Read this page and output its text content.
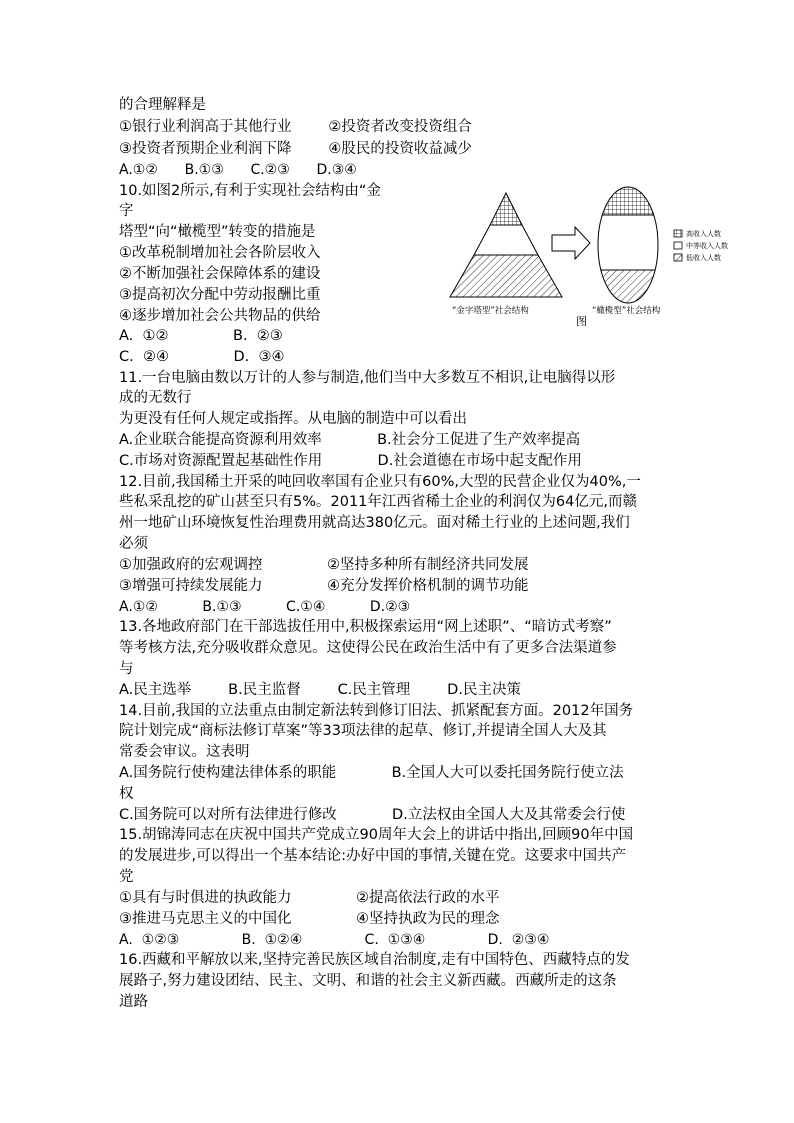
的合理解释是
①银行业利润高于其他行业        ②投资者改变投资组合
③投资者预期企业利润下降        ④股民的投资收益减少
A.①②      B.①③      C.②③      D.③④
10.如图2所示,有利于实现社会结构由“金
字
塔型“向“橄榄型”转变的措施是
①改革税制增加社会各阶层收入
②不断加强社会保障体系的建设
③提高初次分配中劳动报酬比重
④逐步增加社会公共物品的供给
A.  ①②              B.  ②③
C.  ②④              D.  ③④
11.一台电脑由数以万计的人参与制造,他们当中大多数互不相识,让电脑得以形
成的无数行
为更没有任何人规定或指挥。从电脑的制造中可以看出
A.企业联合能提高资源利用效率            B.社会分工促进了生产效率提高
C.市场对资源配置起基础性作用            D.社会道德在市场中起支配作用
12.目前,我国稀土开采的吨回收率国有企业只有60%,大型的民营企业仅为40%,一
些私采乱挖的矿山甚至只有5%。2011年江西省稀土企业的利润仅为64亿元,而赣
州一地矿山环境恢复性治理费用就高达380亿元。面对稀土行业的上述问题,我们
必须
①加强政府的宏观调控              ②坚持多种所有制经济共同发展
③增强可持续发展能力              ④充分发挥价格机制的调节功能
A.①②          B.①③          C.①④          D.②③
13.各地政府部门在干部选拔任用中,积极探索运用“网上述职”、“暗访式考察”
等考核方法,充分吸收群众意见。这使得公民在政治生活中有了更多合法渠道参
与
A.民主选举        B.民主监督        C.民主管理        D.民主决策
14.目前,我国的立法重点由制定新法转到修订旧法、抓紧配套方面。2012年国务
院计划完成“商标法修订草案”等33项法律的起草、修订,并提请全国人大及其
常委会审议。这表明
A.国务院行使构建法律体系的职能            B.全国人大可以委托国务院行使立法
权
C.国务院可以对所有法律进行修改            D.立法权由全国人大及其常委会行使
15.胡锦涛同志在庆祝中国共产党成立90周年大会上的讲话中指出,回顾90年中国
的发展进步,可以得出一个基本结论:办好中国的事情,关键在党。这要求中国共产
党
①具有与时俱进的执政能力              ②提高依法行政的水平
③推进马克思主义的中国化              ④坚持执政为民的理念
A.  ①②③              B.  ①②④              C.  ①③④              D.  ②③④
16.西藏和平解放以来,坚持完善民族区域自治制度,走有中国特色、西藏特点的发
展路子,努力建设团结、民主、文明、和谐的社会主义新西藏。西藏所走的这条
道路
高收入人数
中等收入人数
低收入人数
“金字塔型”社会结构	“橄榄型”社会结构
图
